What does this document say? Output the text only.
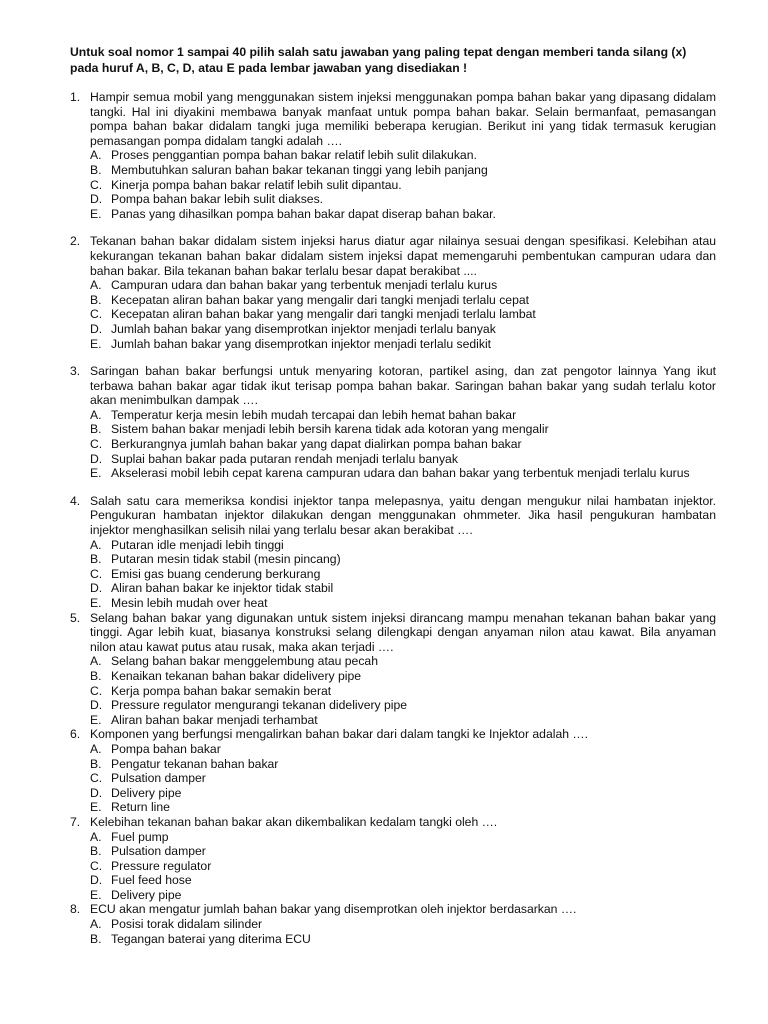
Untuk soal nomor 1 sampai 40 pilih salah satu jawaban yang paling tepat dengan memberi tanda silang (x) pada huruf A, B, C, D, atau E pada lembar jawaban yang disediakan !

1. Hampir semua mobil yang menggunakan sistem injeksi menggunakan pompa bahan bakar yang dipasang didalam tangki. Hal ini diyakini membawa banyak manfaat untuk pompa bahan bakar. Selain bermanfaat, pemasangan pompa bahan bakar didalam tangki juga memiliki beberapa kerugian. Berikut ini yang tidak termasuk kerugian pemasangan pompa didalam tangki adalah ….

A. Proses penggantian pompa bahan bakar relatif lebih sulit dilakukan.
B. Membutuhkan saluran bahan bakar tekanan tinggi yang lebih panjang
C. Kinerja pompa bahan bakar relatif lebih sulit dipantau.
D. Pompa bahan bakar lebih sulit diakses.
E. Panas yang dihasilkan pompa bahan bakar dapat diserap bahan bakar.
2. Tekanan bahan bakar didalam sistem injeksi harus diatur agar nilainya sesuai dengan spesifikasi. Kelebihan atau kekurangan tekanan bahan bakar didalam sistem injeksi dapat memengaruhi pembentukan campuran udara dan bahan bakar. Bila tekanan bahan bakar terlalu besar dapat berakibat ....

A. Campuran udara dan bahan bakar yang terbentuk menjadi terlalu kurus
B. Kecepatan aliran bahan bakar yang mengalir dari tangki menjadi terlalu cepat
C. Kecepatan aliran bahan bakar yang mengalir dari tangki menjadi terlalu lambat
D. Jumlah bahan bakar yang disemprotkan injektor menjadi terlalu banyak
E. Jumlah bahan bakar yang disemprotkan injektor menjadi terlalu sedikit
3. Saringan bahan bakar berfungsi untuk menyaring kotoran, partikel asing, dan zat pengotor lainnya Yang ikut terbawa bahan bakar agar tidak ikut terisap pompa bahan bakar. Saringan bahan bakar yang sudah terlalu kotor akan menimbulkan dampak ….

A. Temperatur kerja mesin lebih mudah tercapai dan lebih hemat bahan bakar
B. Sistem bahan bakar menjadi lebih bersih karena tidak ada kotoran yang mengalir
C. Berkurangnya jumlah bahan bakar yang dapat dialirkan pompa bahan bakar
D. Suplai bahan bakar pada putaran rendah menjadi terlalu banyak
E. Akselerasi mobil lebih cepat karena campuran udara dan bahan bakar yang terbentuk menjadi terlalu kurus
4. Salah satu cara memeriksa kondisi injektor tanpa melepasnya, yaitu dengan mengukur nilai hambatan injektor. Pengukuran hambatan injektor dilakukan dengan menggunakan ohmmeter. Jika hasil pengukuran hambatan injektor menghasilkan selisih nilai yang terlalu besar akan berakibat ….

A. Putaran idle menjadi lebih tinggi
B. Putaran mesin tidak stabil (mesin pincang)
C. Emisi gas buang cenderung berkurang
D. Aliran bahan bakar ke injektor tidak stabil
E. Mesin lebih mudah over heat
5. Selang bahan bakar yang digunakan untuk sistem injeksi dirancang mampu menahan tekanan bahan bakar yang tinggi. Agar lebih kuat, biasanya konstruksi selang dilengkapi dengan anyaman nilon atau kawat. Bila anyaman nilon atau kawat putus atau rusak, maka akan terjadi ….

A. Selang bahan bakar menggelembung atau pecah
B. Kenaikan tekanan bahan bakar didelivery pipe
C. Kerja pompa bahan bakar semakin berat
D. Pressure regulator mengurangi tekanan didelivery pipe
E. Aliran bahan bakar menjadi terhambat
6. Komponen yang berfungsi mengalirkan bahan bakar dari dalam tangki ke Injektor adalah ….

A. Pompa bahan bakar
B. Pengatur tekanan bahan bakar
C. Pulsation damper
D. Delivery pipe
E. Return line
7. Kelebihan tekanan bahan bakar akan dikembalikan kedalam tangki oleh ….

A. Fuel pump
B. Pulsation damper
C. Pressure regulator
D. Fuel feed hose
E. Delivery pipe
8. ECU akan mengatur jumlah bahan bakar yang disemprotkan oleh injektor berdasarkan ….

A. Posisi torak didalam silinder
B. Tegangan baterai yang diterima ECU
